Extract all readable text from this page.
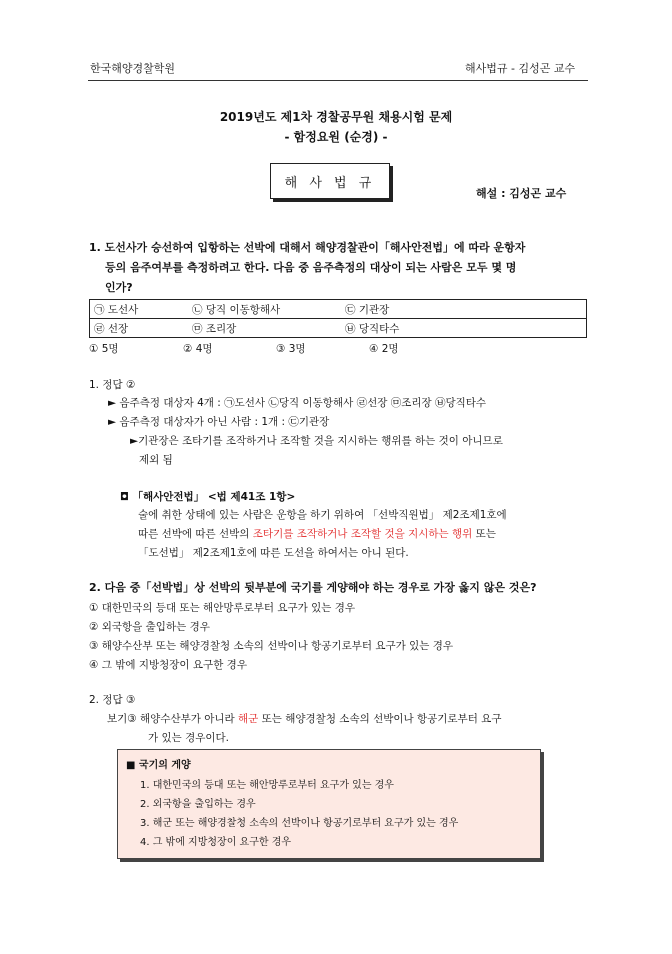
한국해양경찰학원	해사법규 - 김성곤 교수
2019년도 제1차 경찰공무원 채용시험 문제
- 함정요원 (순경) -
해 사 법 규
해설 : 김성곤 교수
1. 도선사가 승선하여 입항하는 선박에 대해서 해양경찰관이「해사안전법」에 따라 운항자
등의 음주여부를 측정하려고 한다. 다음 중 음주측정의 대상이 되는 사람은 모두 몇 명
인가?
㉠ 도선사	㉡ 당직 이동항해사	㉢ 기관장
㉣ 선장	㉤ 조리장	㉥ 당직타수
① 5명	② 4명	③ 3명	④ 2명
1. 정답 ②
► 음주측정 대상자 4개 : ㉠도선사 ㉡당직 이동항해사 ㉣선장 ㉤조리장 ㉥당직타수
► 음주측정 대상자가 아닌 사람 : 1개 : ㉢기관장
►기관장은 조타기를 조작하거나 조작할 것을 지시하는 행위를 하는 것이 아니므로
제외 됨
◘ 「해사안전법」 <법 제41조 1항>
술에 취한 상태에 있는 사람은 운항을 하기 위하여 「선박직원법」 제2조제1호에
따른 선박에 따른 선박의 조타기를 조작하거나 조작할 것을 지시하는 행위 또는
「도선법」 제2조제1호에 따른 도선을 하여서는 아니 된다.
2. 다음 중「선박법」상 선박의 뒷부분에 국기를 게양해야 하는 경우로 가장 옳지 않은 것은?
① 대한민국의 등대 또는 해안망루로부터 요구가 있는 경우
② 외국항을 출입하는 경우
③ 해양수산부 또는 해양경찰청 소속의 선박이나 항공기로부터 요구가 있는 경우
④ 그 밖에 지방청장이 요구한 경우
2. 정답 ③
보기③ 해양수산부가 아니라 해군 또는 해양경찰청 소속의 선박이나 항공기로부터 요구
가 있는 경우이다.
■ 국기의 게양
1. 대한민국의 등대 또는 해안망루로부터 요구가 있는 경우
2. 외국항을 출입하는 경우
3. 해군 또는 해양경찰청 소속의 선박이나 항공기로부터 요구가 있는 경우
4. 그 밖에 지방청장이 요구한 경우
